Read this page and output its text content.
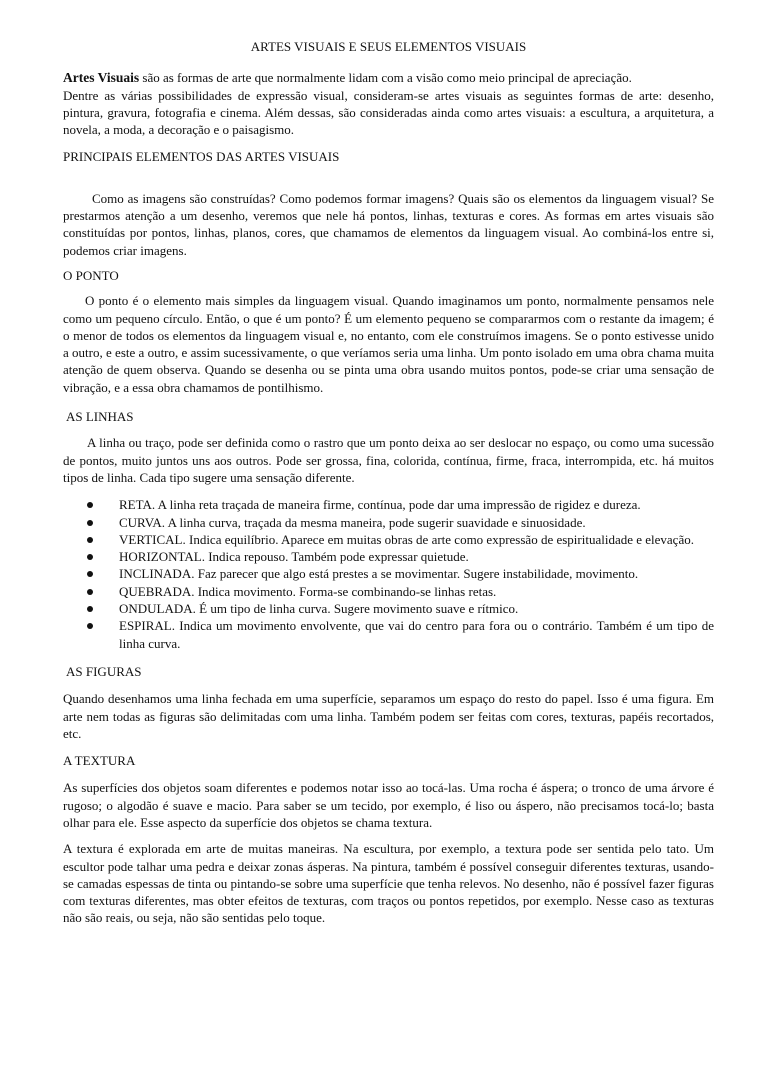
ARTES VISUAIS E SEUS ELEMENTOS VISUAIS

Artes Visuais são as formas de arte que normalmente lidam com a visão como meio principal de apreciação.

Dentre as várias possibilidades de expressão visual, consideram-se artes visuais as seguintes formas de arte: desenho, pintura, gravura, fotografia e cinema. Além dessas, são consideradas ainda como artes visuais: a escultura, a arquitetura, a novela, a moda, a decoração e o paisagismo.

PRINCIPAIS ELEMENTOS DAS ARTES VISUAIS

Como as imagens são construídas? Como podemos formar imagens? Quais são os elementos da linguagem visual? Se prestarmos atenção a um desenho, veremos que nele há pontos, linhas, texturas e cores. As formas em artes visuais são constituídas por pontos, linhas, planos, cores, que chamamos de elementos da linguagem visual. Ao combiná-los entre si, podemos criar imagens.

O PONTO

O ponto é o elemento mais simples da linguagem visual. Quando imaginamos um ponto, normalmente pensamos nele como um pequeno círculo. Então, o que é um ponto? É um elemento pequeno se compararmos com o restante da imagem; é o menor de todos os elementos da linguagem visual e, no entanto, com ele construímos imagens. Se o ponto estivesse unido a outro, e este a outro, e assim sucessivamente, o que veríamos seria uma linha. Um ponto isolado em uma obra chama muita atenção de quem observa. Quando se desenha ou se pinta uma obra usando muitos pontos, pode-se criar uma sensação de vibração, e a essa obra chamamos de pontilhismo.

AS LINHAS

A linha ou traço, pode ser definida como o rastro que um ponto deixa ao ser deslocar no espaço, ou como uma sucessão de pontos, muito juntos uns aos outros. Pode ser grossa, fina, colorida, contínua, firme, fraca, interrompida, etc. há muitos tipos de linha. Cada tipo sugere uma sensação diferente.

RETA. A linha reta traçada de maneira firme, contínua, pode dar uma impressão de rigidez e dureza.
CURVA. A linha curva, traçada da mesma maneira, pode sugerir suavidade e sinuosidade.
VERTICAL. Indica equilíbrio. Aparece em muitas obras de arte como expressão de espiritualidade e elevação.
HORIZONTAL. Indica repouso. Também pode expressar quietude.
INCLINADA. Faz parecer que algo está prestes a se movimentar. Sugere instabilidade, movimento.
QUEBRADA. Indica movimento. Forma-se combinando-se linhas retas.
ONDULADA. É um tipo de linha curva. Sugere movimento suave e rítmico.
ESPIRAL. Indica um movimento envolvente, que vai do centro para fora ou o contrário. Também é um tipo de linha curva.

AS FIGURAS

Quando desenhamos uma linha fechada em uma superfície, separamos um espaço do resto do papel. Isso é uma figura. Em arte nem todas as figuras são delimitadas com uma linha. Também podem ser feitas com cores, texturas, papéis recortados, etc.

A TEXTURA

As superfícies dos objetos soam diferentes e podemos notar isso ao tocá-las. Uma rocha é áspera; o tronco de uma árvore é rugoso; o algodão é suave e macio. Para saber se um tecido, por exemplo, é liso ou áspero, não precisamos tocá-lo; basta olhar para ele. Esse aspecto da superfície dos objetos se chama textura.

A textura é explorada em arte de muitas maneiras. Na escultura, por exemplo, a textura pode ser sentida pelo tato. Um escultor pode talhar uma pedra e deixar zonas ásperas. Na pintura, também é possível conseguir diferentes texturas, usando-se camadas espessas de tinta ou pintando-se sobre uma superfície que tenha relevos. No desenho, não é possível fazer figuras com texturas diferentes, mas obter efeitos de texturas, com traços ou pontos repetidos, por exemplo. Nesse caso as texturas não são reais, ou seja, não são sentidas pelo toque.
